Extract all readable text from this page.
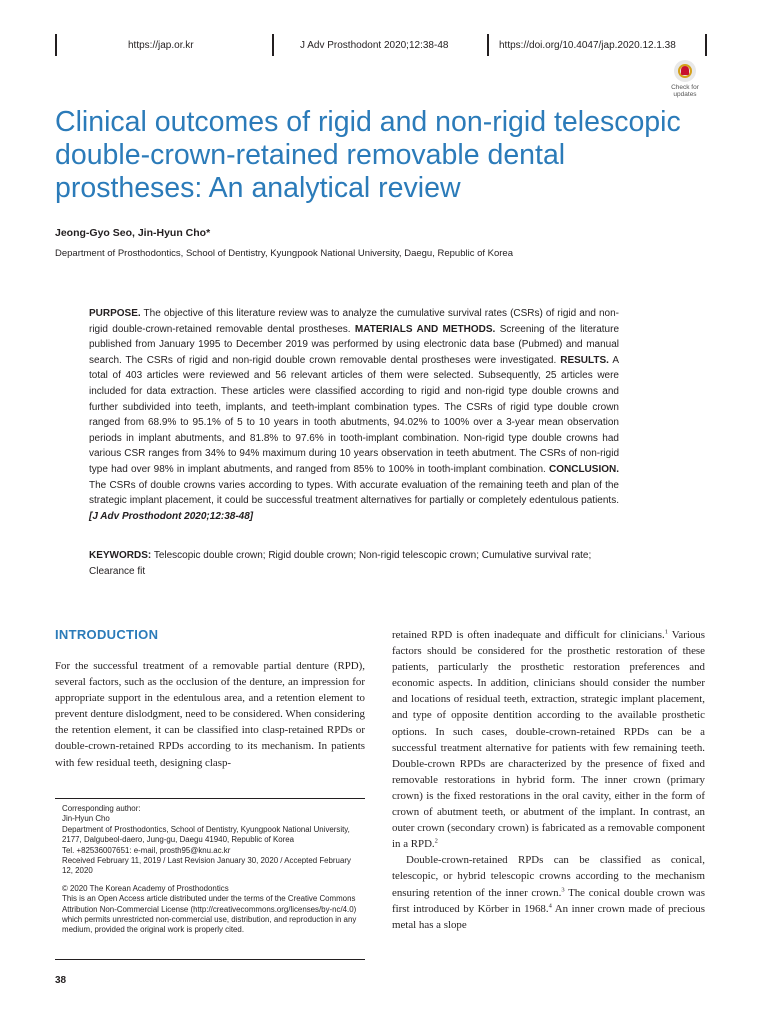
https://jap.or.kr	J Adv Prosthodont 2020;12:38-48	https://doi.org/10.4047/jap.2020.12.1.38
Check for
updates
Clinical outcomes of rigid and non-rigid telescopic double-crown-retained removable dental prostheses: An analytical review
Jeong-Gyo Seo, Jin-Hyun Cho*
Department of Prosthodontics, School of Dentistry, Kyungpook National University, Daegu, Republic of Korea
PURPOSE. The objective of this literature review was to analyze the cumulative survival rates (CSRs) of rigid and non-rigid double-crown-retained removable dental prostheses. MATERIALS AND METHODS. Screening of the literature published from January 1995 to December 2019 was performed by using electronic data base (Pubmed) and manual search. The CSRs of rigid and non-rigid double crown removable dental prostheses were investigated. RESULTS. A total of 403 articles were reviewed and 56 relevant articles of them were selected. Subsequently, 25 articles were included for data extraction. These articles were classified according to rigid and non-rigid type double crowns and further subdivided into teeth, implants, and teeth-implant combination types. The CSRs of rigid type double crown ranged from 68.9% to 95.1% of 5 to 10 years in tooth abutments, 94.02% to 100% over a 3-year mean observation periods in implant abutments, and 81.8% to 97.6% in tooth-implant combination. Non-rigid type double crowns had various CSR ranges from 34% to 94% maximum during 10 years observation in teeth abutment. The CSRs of non-rigid type had over 98% in implant abutments, and ranged from 85% to 100% in tooth-implant combination. CONCLUSION. The CSRs of double crowns varies according to types. With accurate evaluation of the remaining teeth and plan of the strategic implant placement, it could be successful treatment alternatives for partially or completely edentulous patients. [J Adv Prosthodont 2020;12:38-48]
KEYWORDS: Telescopic double crown; Rigid double crown; Non-rigid telescopic crown; Cumulative survival rate; Clearance fit
INTRODUCTION
For the successful treatment of a removable partial denture (RPD), several factors, such as the occlusion of the denture, an impression for appropriate support in the edentulous area, and a retention element to prevent denture dislodgment, need to be considered. When considering the retention element, it can be classified into clasp-retained RPDs or double-crown-retained RPDs according to its mechanism. In patients with few residual teeth, designing clasp-

retained RPD is often inadequate and difficult for clinicians.$^1$ Various factors should be considered for the prosthetic restoration of these patients, particularly the prosthetic restoration preferences and economic aspects. In addition, clinicians should consider the number and locations of residual teeth, extraction, strategic implant placement, and type of opposite dentition according to the available prosthetic options. In such cases, double-crown-retained RPDs can be a successful treatment alternative for patients with few remaining teeth. Double-crown RPDs are characterized by the presence of fixed and removable restorations in hybrid form. The inner crown (primary crown) is the fixed restorations in the oral cavity, either in the form of crown of abutment teeth, or abutment of the implant. In contrast, an outer crown (secondary crown) is fabricated as a removable component in a RPD.$^2$

Double-crown-retained RPDs can be classified as conical, telescopic, or hybrid telescopic crowns according to the mechanism ensuring retention of the inner crown.$^3$ The conical double crown was first introduced by Körber in 1968.$^4$ An inner crown made of precious metal has a slope

Corresponding author:

Jin-Hyun Cho

Department of Prosthodontics, School of Dentistry, Kyungpook National University, 2177, Dalgubeol-daero, Jung-gu, Daegu 41940, Republic of Korea

Tel. +82536007651: e-mail, prosth95@knu.ac.kr

Received February 11, 2019 / Last Revision January 30, 2020 / Accepted February 12, 2020

© 2020 The Korean Academy of Prosthodontics

This is an Open Access article distributed under the terms of the Creative Commons Attribution Non-Commercial License (http://creativecommons.org/licenses/by-nc/4.0) which permits unrestricted non-commercial use, distribution, and reproduction in any medium, provided the original work is properly cited.

38
